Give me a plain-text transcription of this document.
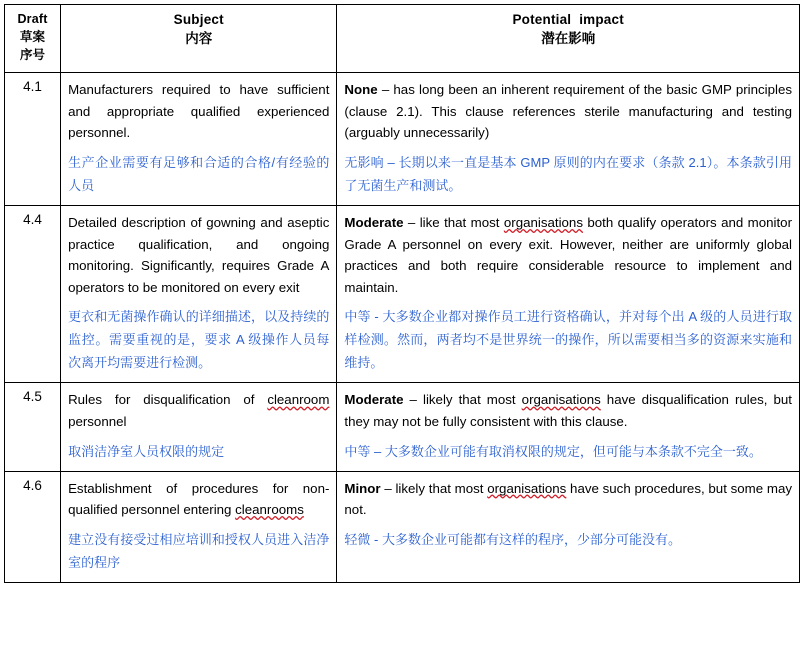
Draft
草案
序号

Subject
内容

Potential impact
潜在影响

4.1	Manufacturers required to have sufficient and appropriate qualified experienced personnel.
生产企业需要有足够和合适的合格/有经验的人员

None – has long been an inherent requirement of the basic GMP principles (clause 2.1). This clause references sterile manufacturing and testing (arguably unnecessarily)
无影响 – 长期以来一直是基本 GMP 原则的内在要求（条款 2.1）。本条款引用了无菌生产和测试。

4.4	Detailed description of gowning and aseptic practice qualification, and ongoing monitoring. Significantly, requires Grade A operators to be monitored on every exit
更衣和无菌操作确认的详细描述，以及持续的监控。需要重视的是，要求 A 级操作人员每次离开均需要进行检测。

Moderate – like that most organisations both qualify operators and monitor Grade A personnel on every exit. However, neither are uniformly global practices and both require considerable resource to implement and maintain.
中等 - 大多数企业都对操作员工进行资格确认，并对每个出 A 级的人员进行取样检测。然而，两者均不是世界统一的操作，所以需要相当多的资源来实施和维持。

4.5	Rules for disqualification of cleanroom personnel
取消洁净室人员权限的规定

Moderate – likely that most organisations have disqualification rules, but they may not be fully consistent with this clause.
中等 – 大多数企业可能有取消权限的规定，但可能与本条款不完全一致。

4.6	Establishment of procedures for non-qualified personnel entering cleanrooms
建立没有接受过相应培训和授权人员进入洁净室的程序

Minor – likely that most organisations have such procedures, but some may not.
轻微 - 大多数企业可能都有这样的程序，少部分可能没有。
